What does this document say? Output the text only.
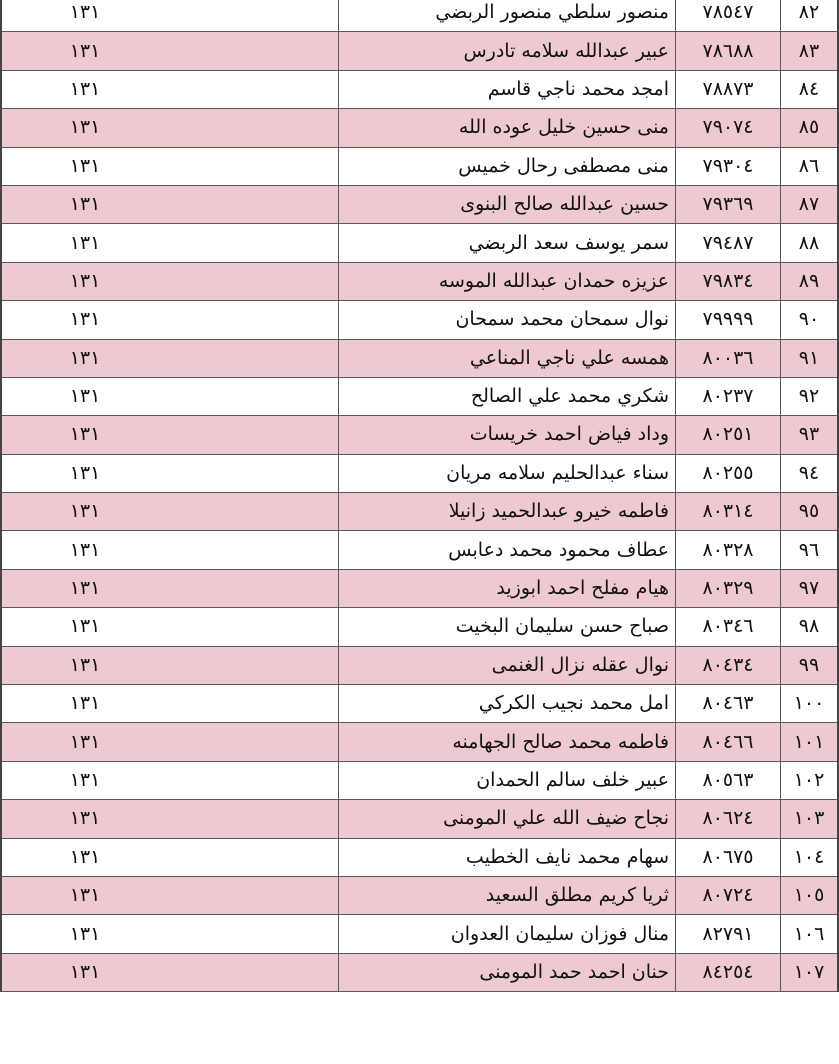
٨٢	٧٨٥٤٧	منصور سلطي منصور الربضي	١٣١
٨٣	٧٨٦٨٨	عبير عبدالله سلامه تادرس	١٣١
٨٤	٧٨٨٧٣	امجد محمد ناجي قاسم	١٣١
٨٥	٧٩٠٧٤	منى حسين خليل عوده الله	١٣١
٨٦	٧٩٣٠٤	منى مصطفى رحال خميس	١٣١
٨٧	٧٩٣٦٩	حسين عبدالله صالح البنوى	١٣١
٨٨	٧٩٤٨٧	سمر يوسف سعد الربضي	١٣١
٨٩	٧٩٨٣٤	عزيزه حمدان عبدالله الموسه	١٣١
٩٠	٧٩٩٩٩	نوال سمحان محمد سمحان	١٣١
٩١	٨٠٠٣٦	همسه علي ناجي المناعي	١٣١
٩٢	٨٠٢٣٧	شكري محمد علي الصالح	١٣١
٩٣	٨٠٢٥١	وداد فياض احمد خريسات	١٣١
٩٤	٨٠٢٥٥	سناء عبدالحليم سلامه مريان	١٣١
٩٥	٨٠٣١٤	فاطمه خيرو عبدالحميد زانيلا	١٣١
٩٦	٨٠٣٢٨	عطاف محمود محمد دعابس	١٣١
٩٧	٨٠٣٢٩	هيام مفلح احمد ابوزيد	١٣١
٩٨	٨٠٣٤٦	صباح حسن سليمان البخيت	١٣١
٩٩	٨٠٤٣٤	نوال عقله نزال الغنمى	١٣١
١٠٠	٨٠٤٦٣	امل محمد نجيب الكركي	١٣١
١٠١	٨٠٤٦٦	فاطمه محمد صالح الجهامنه	١٣١
١٠٢	٨٠٥٦٣	عبير خلف سالم الحمدان	١٣١
١٠٣	٨٠٦٢٤	نجاح ضيف الله علي المومنى	١٣١
١٠٤	٨٠٦٧٥	سهام محمد نايف الخطيب	١٣١
١٠٥	٨٠٧٢٤	ثريا كريم مطلق السعيد	١٣١
١٠٦	٨٢٧٩١	منال فوزان سليمان العدوان	١٣١
١٠٧	٨٤٢٥٤	حنان احمد حمد المومنى	١٣١
